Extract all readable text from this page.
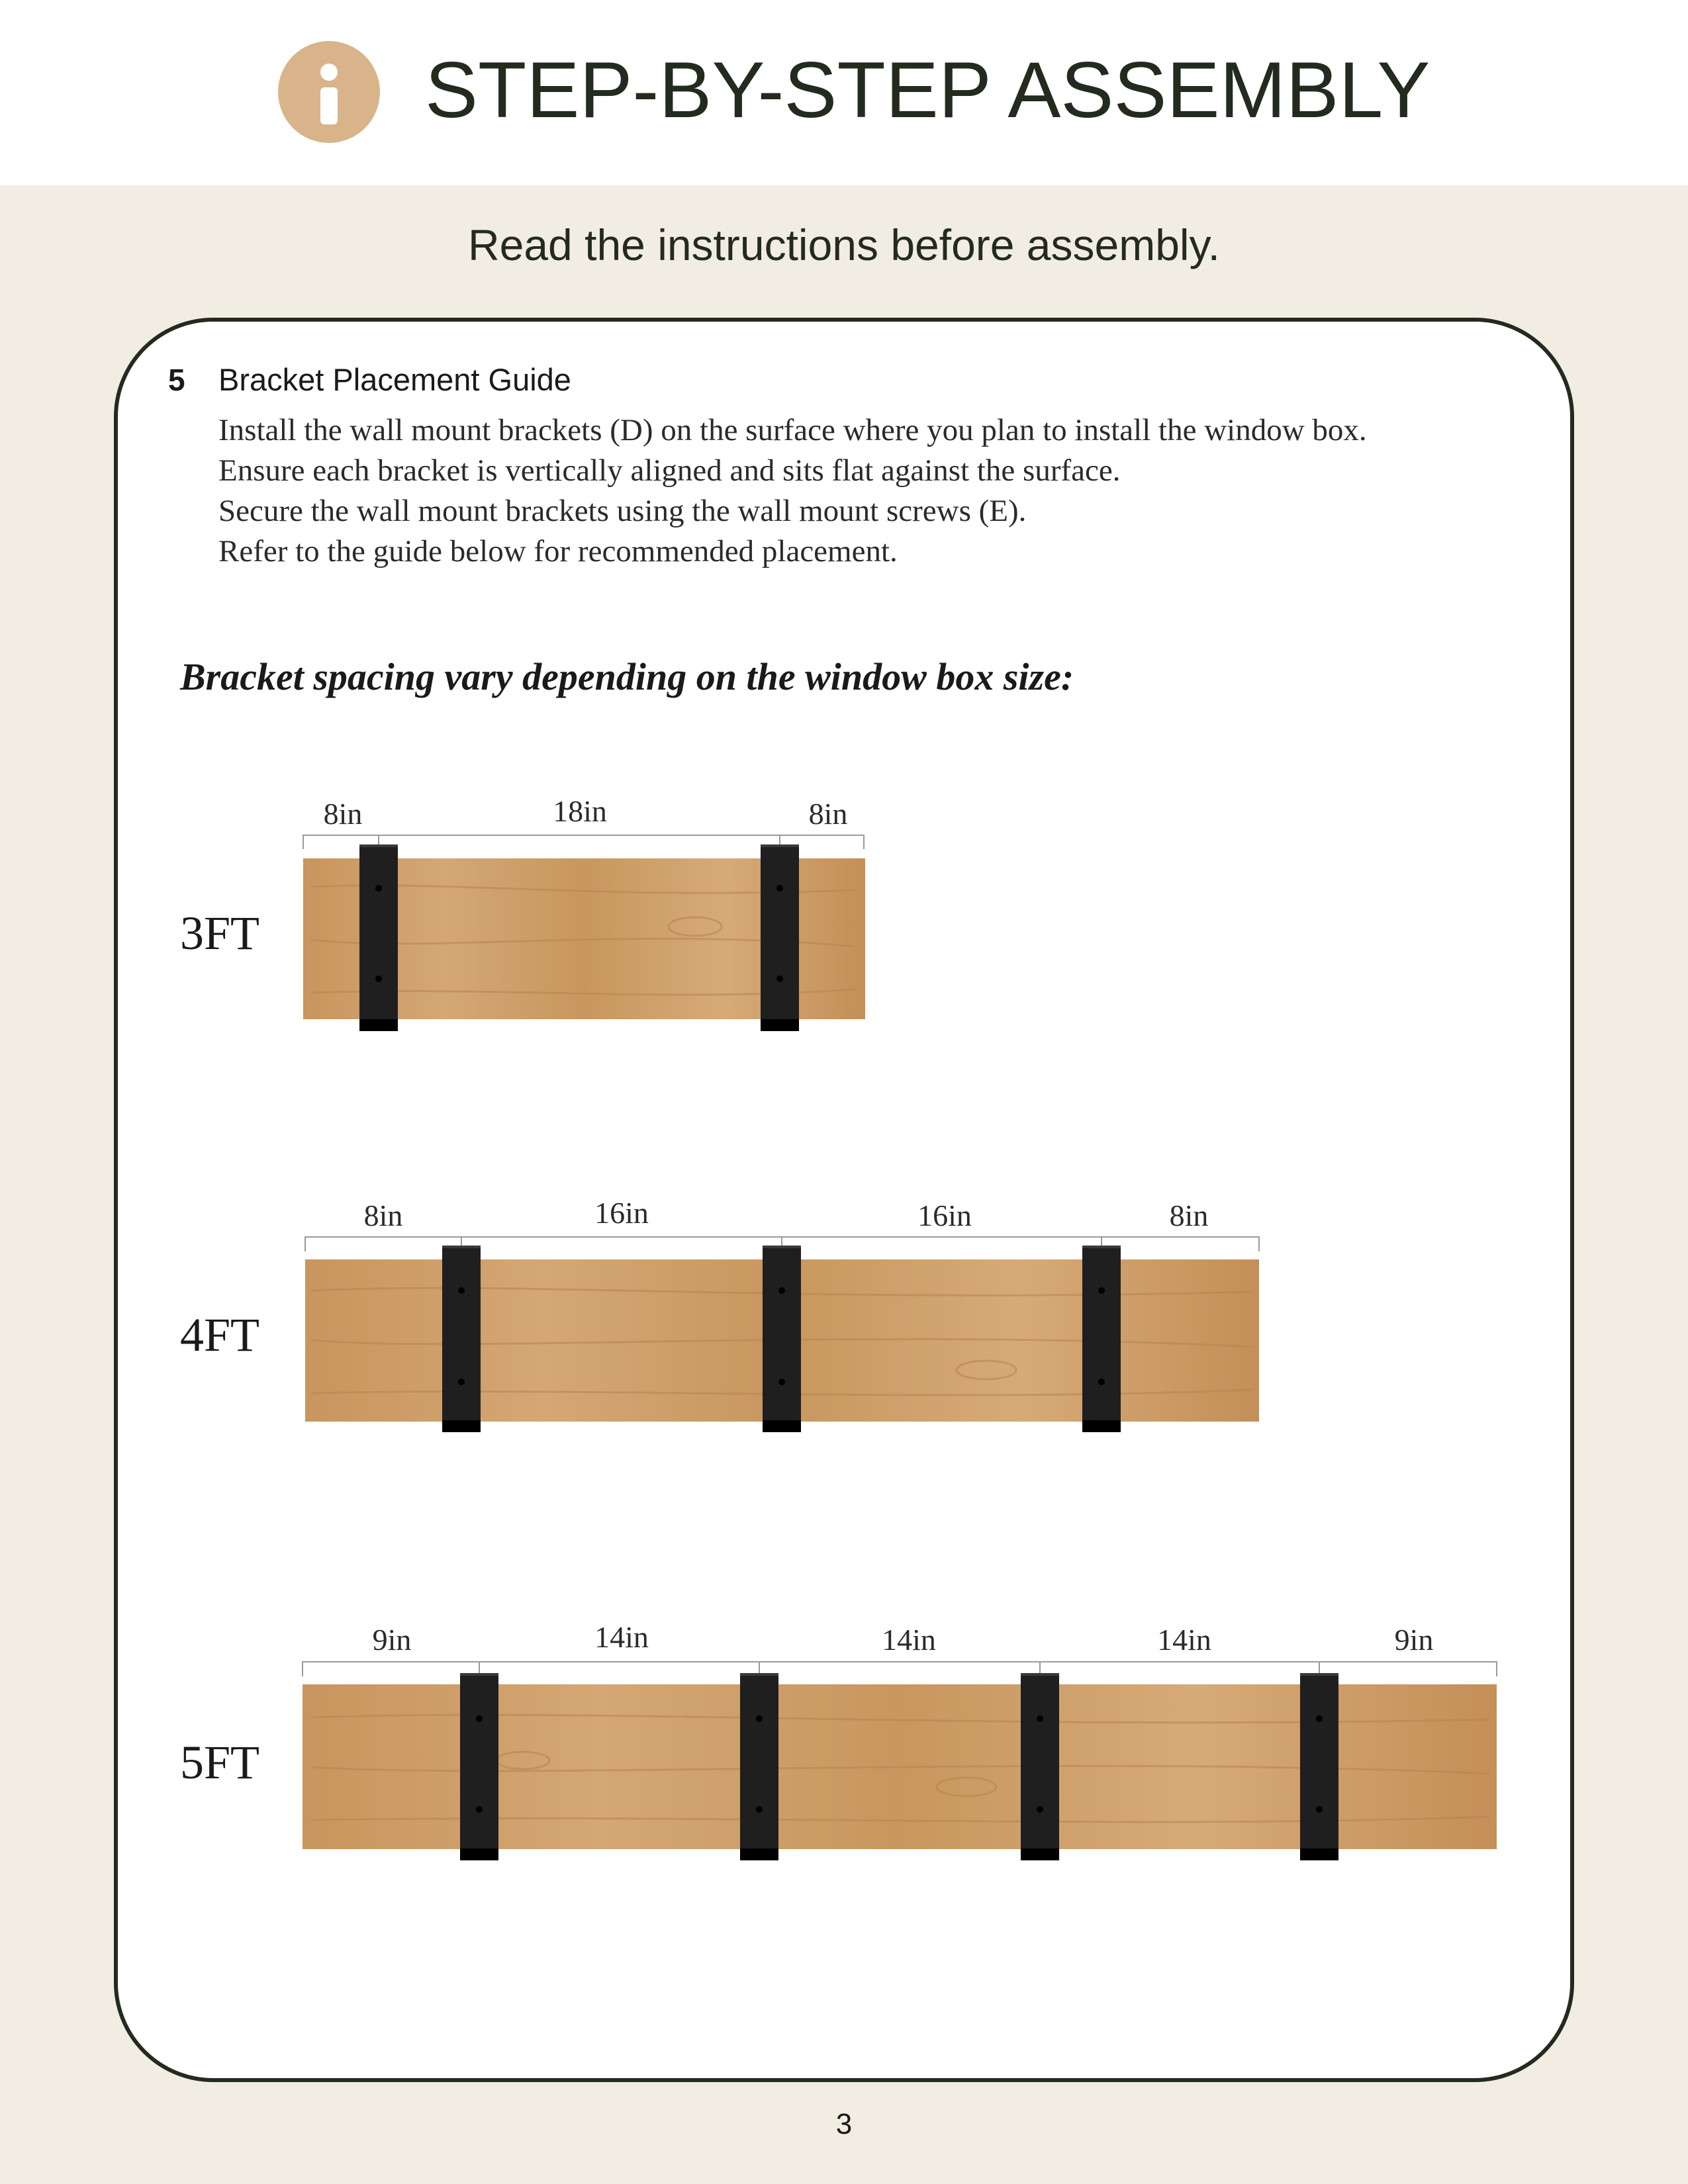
STEP-BY-STEP ASSEMBLY
Read the instructions before assembly.
5 Bracket Placement Guide
Install the wall mount brackets (D) on the surface where you plan to install the window box.
Ensure each bracket is vertically aligned and sits flat against the surface.
Secure the wall mount brackets using the wall mount screws (E).
Refer to the guide below for recommended placement.
Bracket spacing vary depending on the window box size:
3FT
4FT
5FT
8in	18in	8in
8in	16in	16in	8in
9in	14in	14in	14in	9in
3
